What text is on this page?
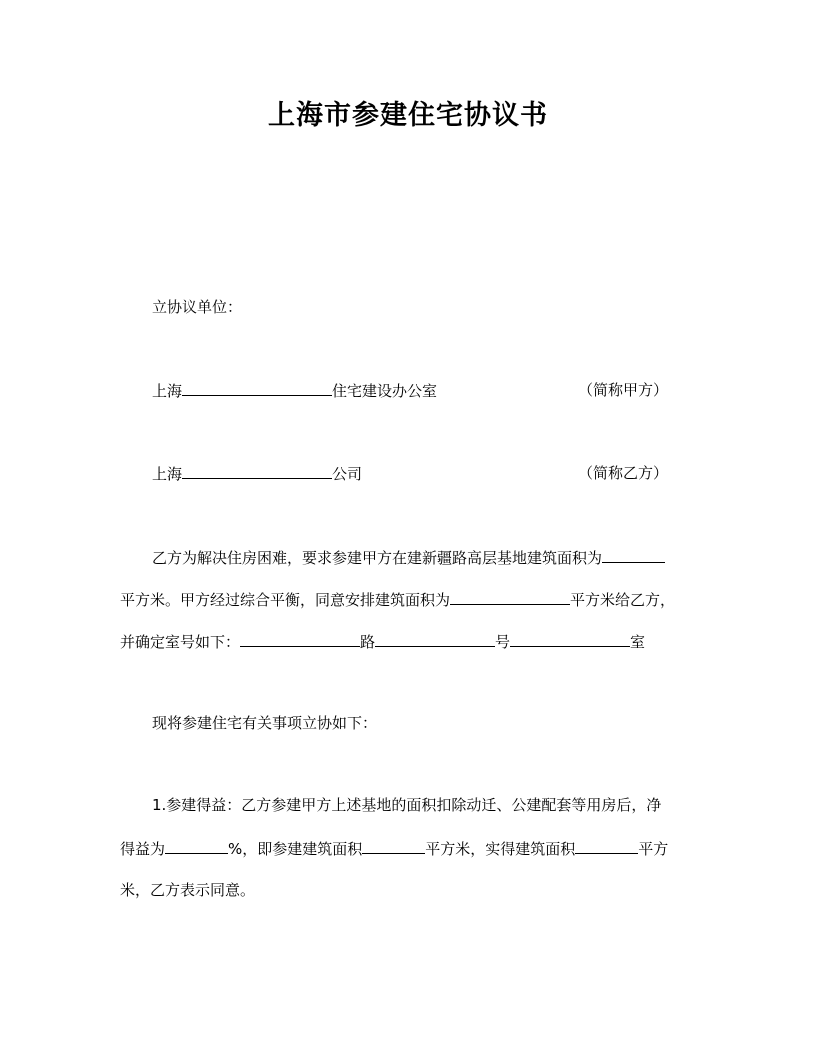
上海市参建住宅协议书
立协议单位：
上海	住宅建设办公室	（简称甲方）
上海	公司	（简称乙方）
乙方为解决住房困难，要求参建甲方在建新疆路高层基地建筑面积为
平方米。甲方经过综合平衡，同意安排建筑面积为	平方米给乙方，
并确定室号如下：	路	号	室
现将参建住宅有关事项立协如下：
1.参建得益：乙方参建甲方上述基地的面积扣除动迁、公建配套等用房后，净
得益为	%，即参建建筑面积	平方米，实得建筑面积	平方
米，乙方表示同意。
